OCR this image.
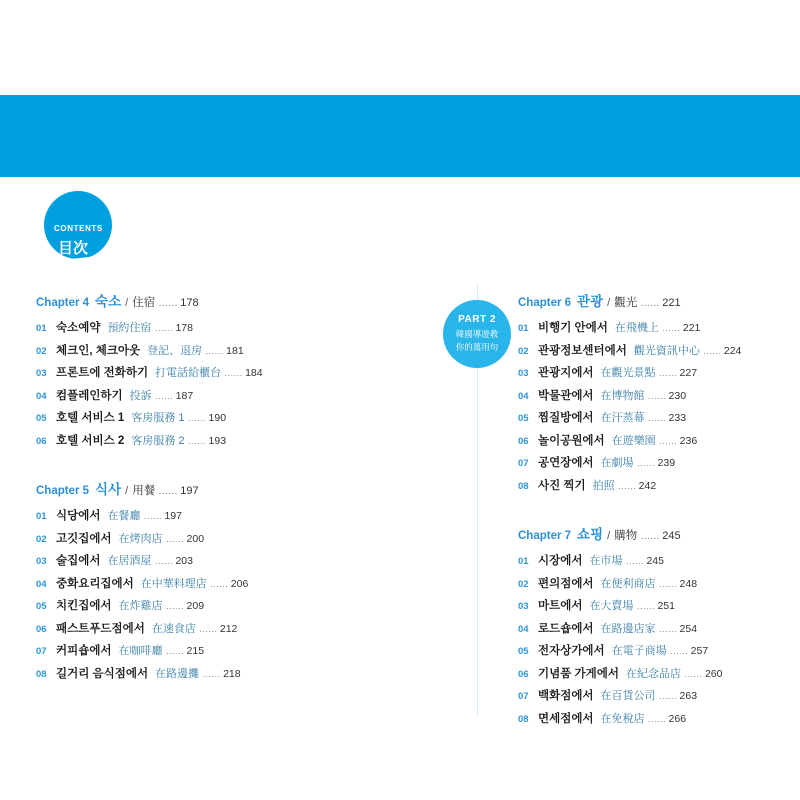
CONTENTS
目次
PART 2
韓國導遊教
你的萬用句
Chapter 4 숙소 / 住宿 …… 178
01 숙소예약 預約住宿 …… 178
02 체크인, 체크아웃 登記、退房 …… 181
03 프론트에 전화하기 打電話給櫃台 …… 184
04 컴플레인하기 投訴 …… 187
05 호텔 서비스 1 客房服務 1 …… 190
06 호텔 서비스 2 客房服務 2 …… 193
Chapter 5 식사 / 用餐 …… 197
01 식당에서 在餐廳 …… 197
02 고깃집에서 在烤肉店 …… 200
03 술집에서 在居酒屋 …… 203
04 중화요리집에서 在中華料理店 …… 206
05 치킨집에서 在炸雞店 …… 209
06 패스트푸드점에서 在速食店 …… 212
07 커피숍에서 在咖啡廳 …… 215
08 길거리 음식점에서 在路邊攤 …… 218
Chapter 6 관광 / 觀光 …… 221
01 비행기 안에서 在飛機上 …… 221
02 관광정보센터에서 觀光資訊中心 …… 224
03 관광지에서 在觀光景點 …… 227
04 박물관에서 在博物館 …… 230
05 찜질방에서 在汗蒸幕 …… 233
06 놀이공원에서 在遊樂園 …… 236
07 공연장에서 在劇場 …… 239
08 사진 찍기 拍照 …… 242
Chapter 7 쇼핑 / 購物 …… 245
01 시장에서 在市場 …… 245
02 편의점에서 在便利商店 …… 248
03 마트에서 在大賣場 …… 251
04 로드숍에서 在路邊店家 …… 254
05 전자상가에서 在電子商場 …… 257
06 기념품 가게에서 在紀念品店 …… 260
07 백화점에서 在百貨公司 …… 263
08 면세점에서 在免稅店 …… 266
